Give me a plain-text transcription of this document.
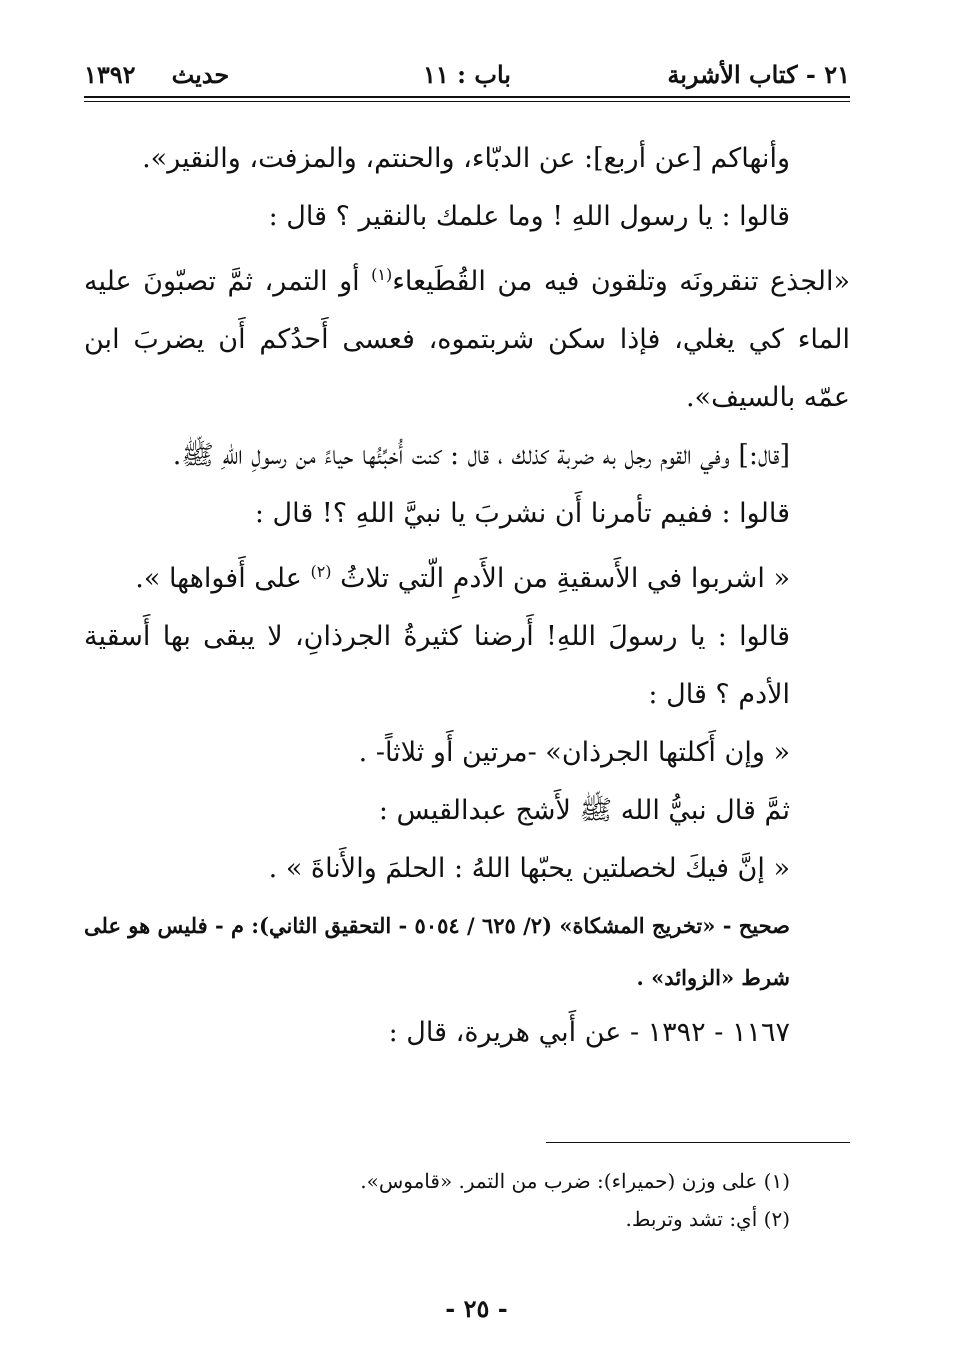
٢١ - كتاب الأشربة
باب : ١١
حديث١٣٩٢

وأنهاكم [عن أربع]: عن الدبّاء، والحنتم، والمزفت، والنقير».

قالوا : يا رسول اللهِ ! وما علمك بالنقير ؟ قال :

«الجذع تنقرونَه وتلقون فيه من القُطَيعاء$^{(١)}$ أو التمر، ثمَّ تصبّونَ عليه الماء كي يغلي، فإذا سكن شربتموه، فعسى أَحدُكم أَن يضربَ ابن عمّه بالسيف».

[قال:] وفي القوم رجل به ضربة كذلك ، قال : كنت أُخبِّئُها حياءً من رسولِ اللهِ ﷺ.

قالوا : ففيم تأمرنا أَن نشربَ يا نبيَّ اللهِ ؟! قال :

« اشربوا في الأَسقيةِ من الأَدمِ الّتي تلاثُ $^{(٢)}$ على أَفواهها ».

قالوا : يا رسولَ اللهِ! أَرضنا كثيرةُ الجرذانِ، لا يبقى بها أَسقية الأدم ؟ قال :

« وإن أَكلتها الجرذان» -مرتين أَو ثلاثاً- .

ثمَّ قال نبيُّ الله ﷺ لأَشج عبدالقيس :

« إنَّ فيكَ لخصلتين يحبّها اللهُ : الحلمَ والأَناةَ » .

صحيح - «تخريج المشكاة» (٢/ ٦٢٥ / ٥٠٥٤ - التحقيق الثاني): م - فليس هو على شرط «الزوائد» .

١١٦٧ - ١٣٩٢ - عن أَبي هريرة، قال :

(١) على وزن (حميراء): ضرب من التمر. «قاموس».

(٢) أي: تشد وتربط.

- ٢٥ -
